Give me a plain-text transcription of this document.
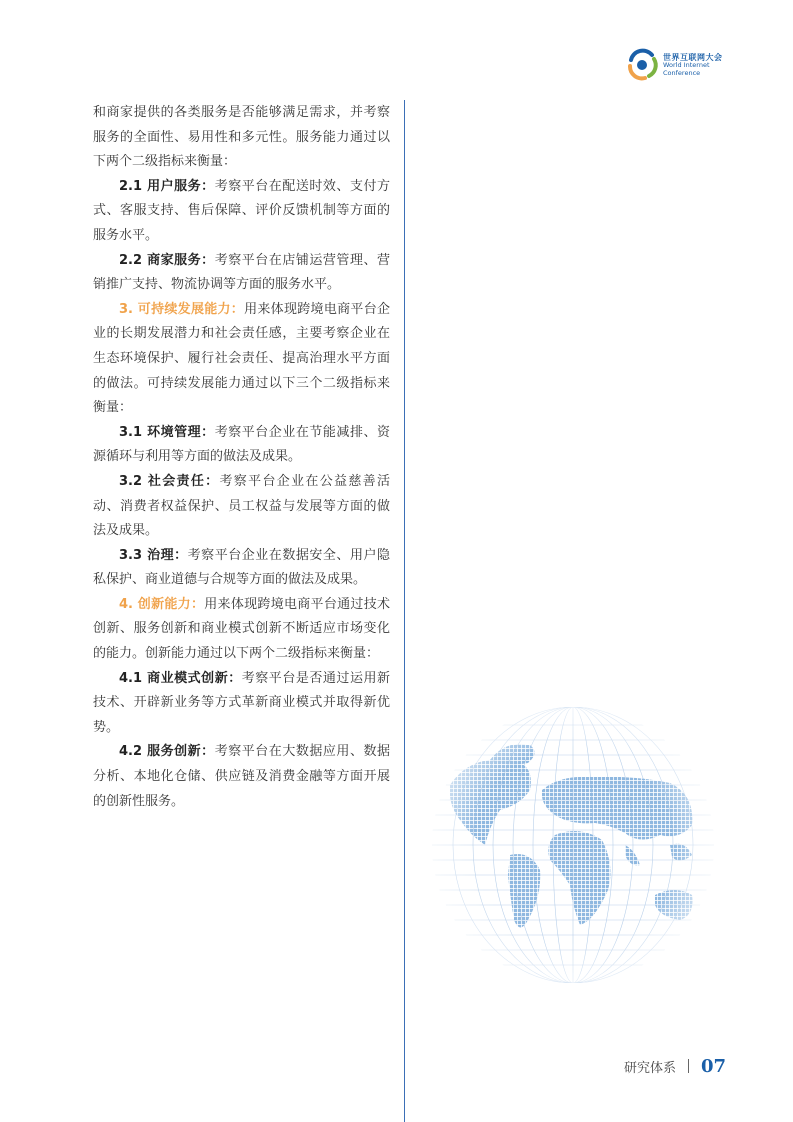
世界互联网大会
World Internet
Conference

和商家提供的各类服务是否能够满足需求，并考察服务的全面性、易用性和多元性。服务能力通过以下两个二级指标来衡量：

2.1 用户服务：考察平台在配送时效、支付方式、客服支持、售后保障、评价反馈机制等方面的服务水平。

2.2 商家服务：考察平台在店铺运营管理、营销推广支持、物流协调等方面的服务水平。

3. 可持续发展能力：用来体现跨境电商平台企业的长期发展潜力和社会责任感，主要考察企业在生态环境保护、履行社会责任、提高治理水平方面的做法。可持续发展能力通过以下三个二级指标来衡量：

3.1 环境管理：考察平台企业在节能减排、资源循环与利用等方面的做法及成果。

3.2 社会责任：考察平台企业在公益慈善活动、消费者权益保护、员工权益与发展等方面的做法及成果。

3.3 治理：考察平台企业在数据安全、用户隐私保护、商业道德与合规等方面的做法及成果。

4. 创新能力：用来体现跨境电商平台通过技术创新、服务创新和商业模式创新不断适应市场变化的能力。创新能力通过以下两个二级指标来衡量：

4.1 商业模式创新：考察平台是否通过运用新技术、开辟新业务等方式革新商业模式并取得新优势。

4.2 服务创新：考察平台在大数据应用、数据分析、本地化仓储、供应链及消费金融等方面开展的创新性服务。

研究体系 07
